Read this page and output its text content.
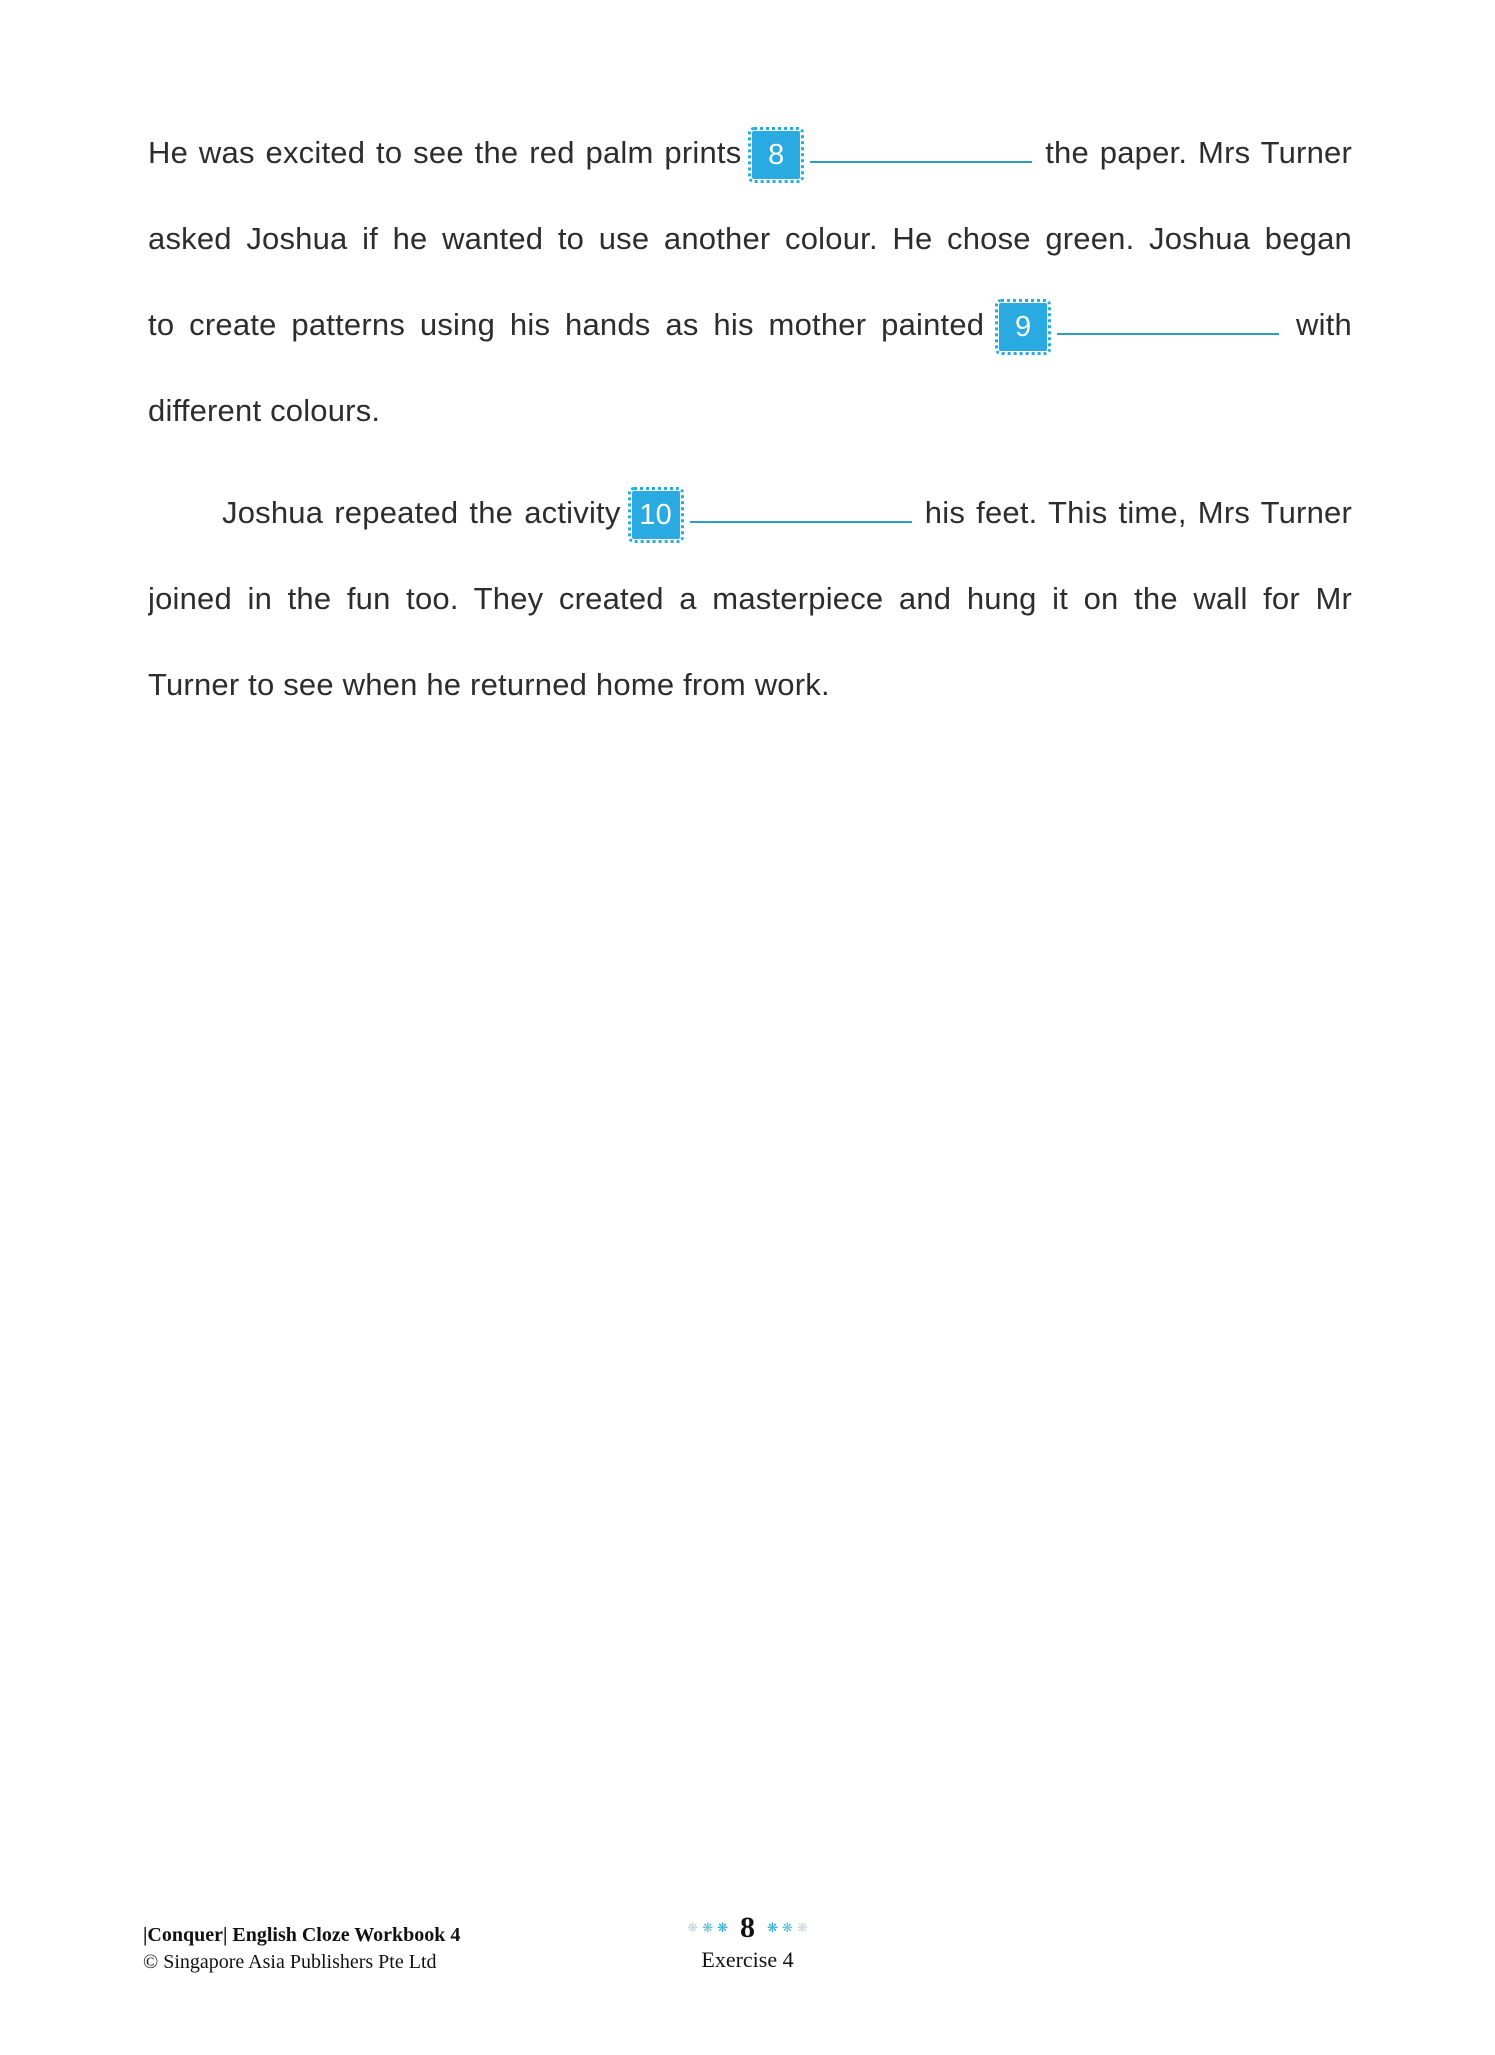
He was excited to see the red palm prints 8	the paper. Mrs Turner
asked Joshua if he wanted to use another colour. He chose green. Joshua began
to create patterns using his hands as his mother painted 9	with
different colours.
Joshua repeated the activity 10	his feet. This time, Mrs Turner
joined in the fun too. They created a masterpiece and hung it on the wall for Mr
Turner to see when he returned home from work.
|Conquer| English Cloze Workbook 4
© Singapore Asia Publishers Pte Ltd
❋ ❋ ❋ 8 ❋ ❋ ❋
Exercise 4
